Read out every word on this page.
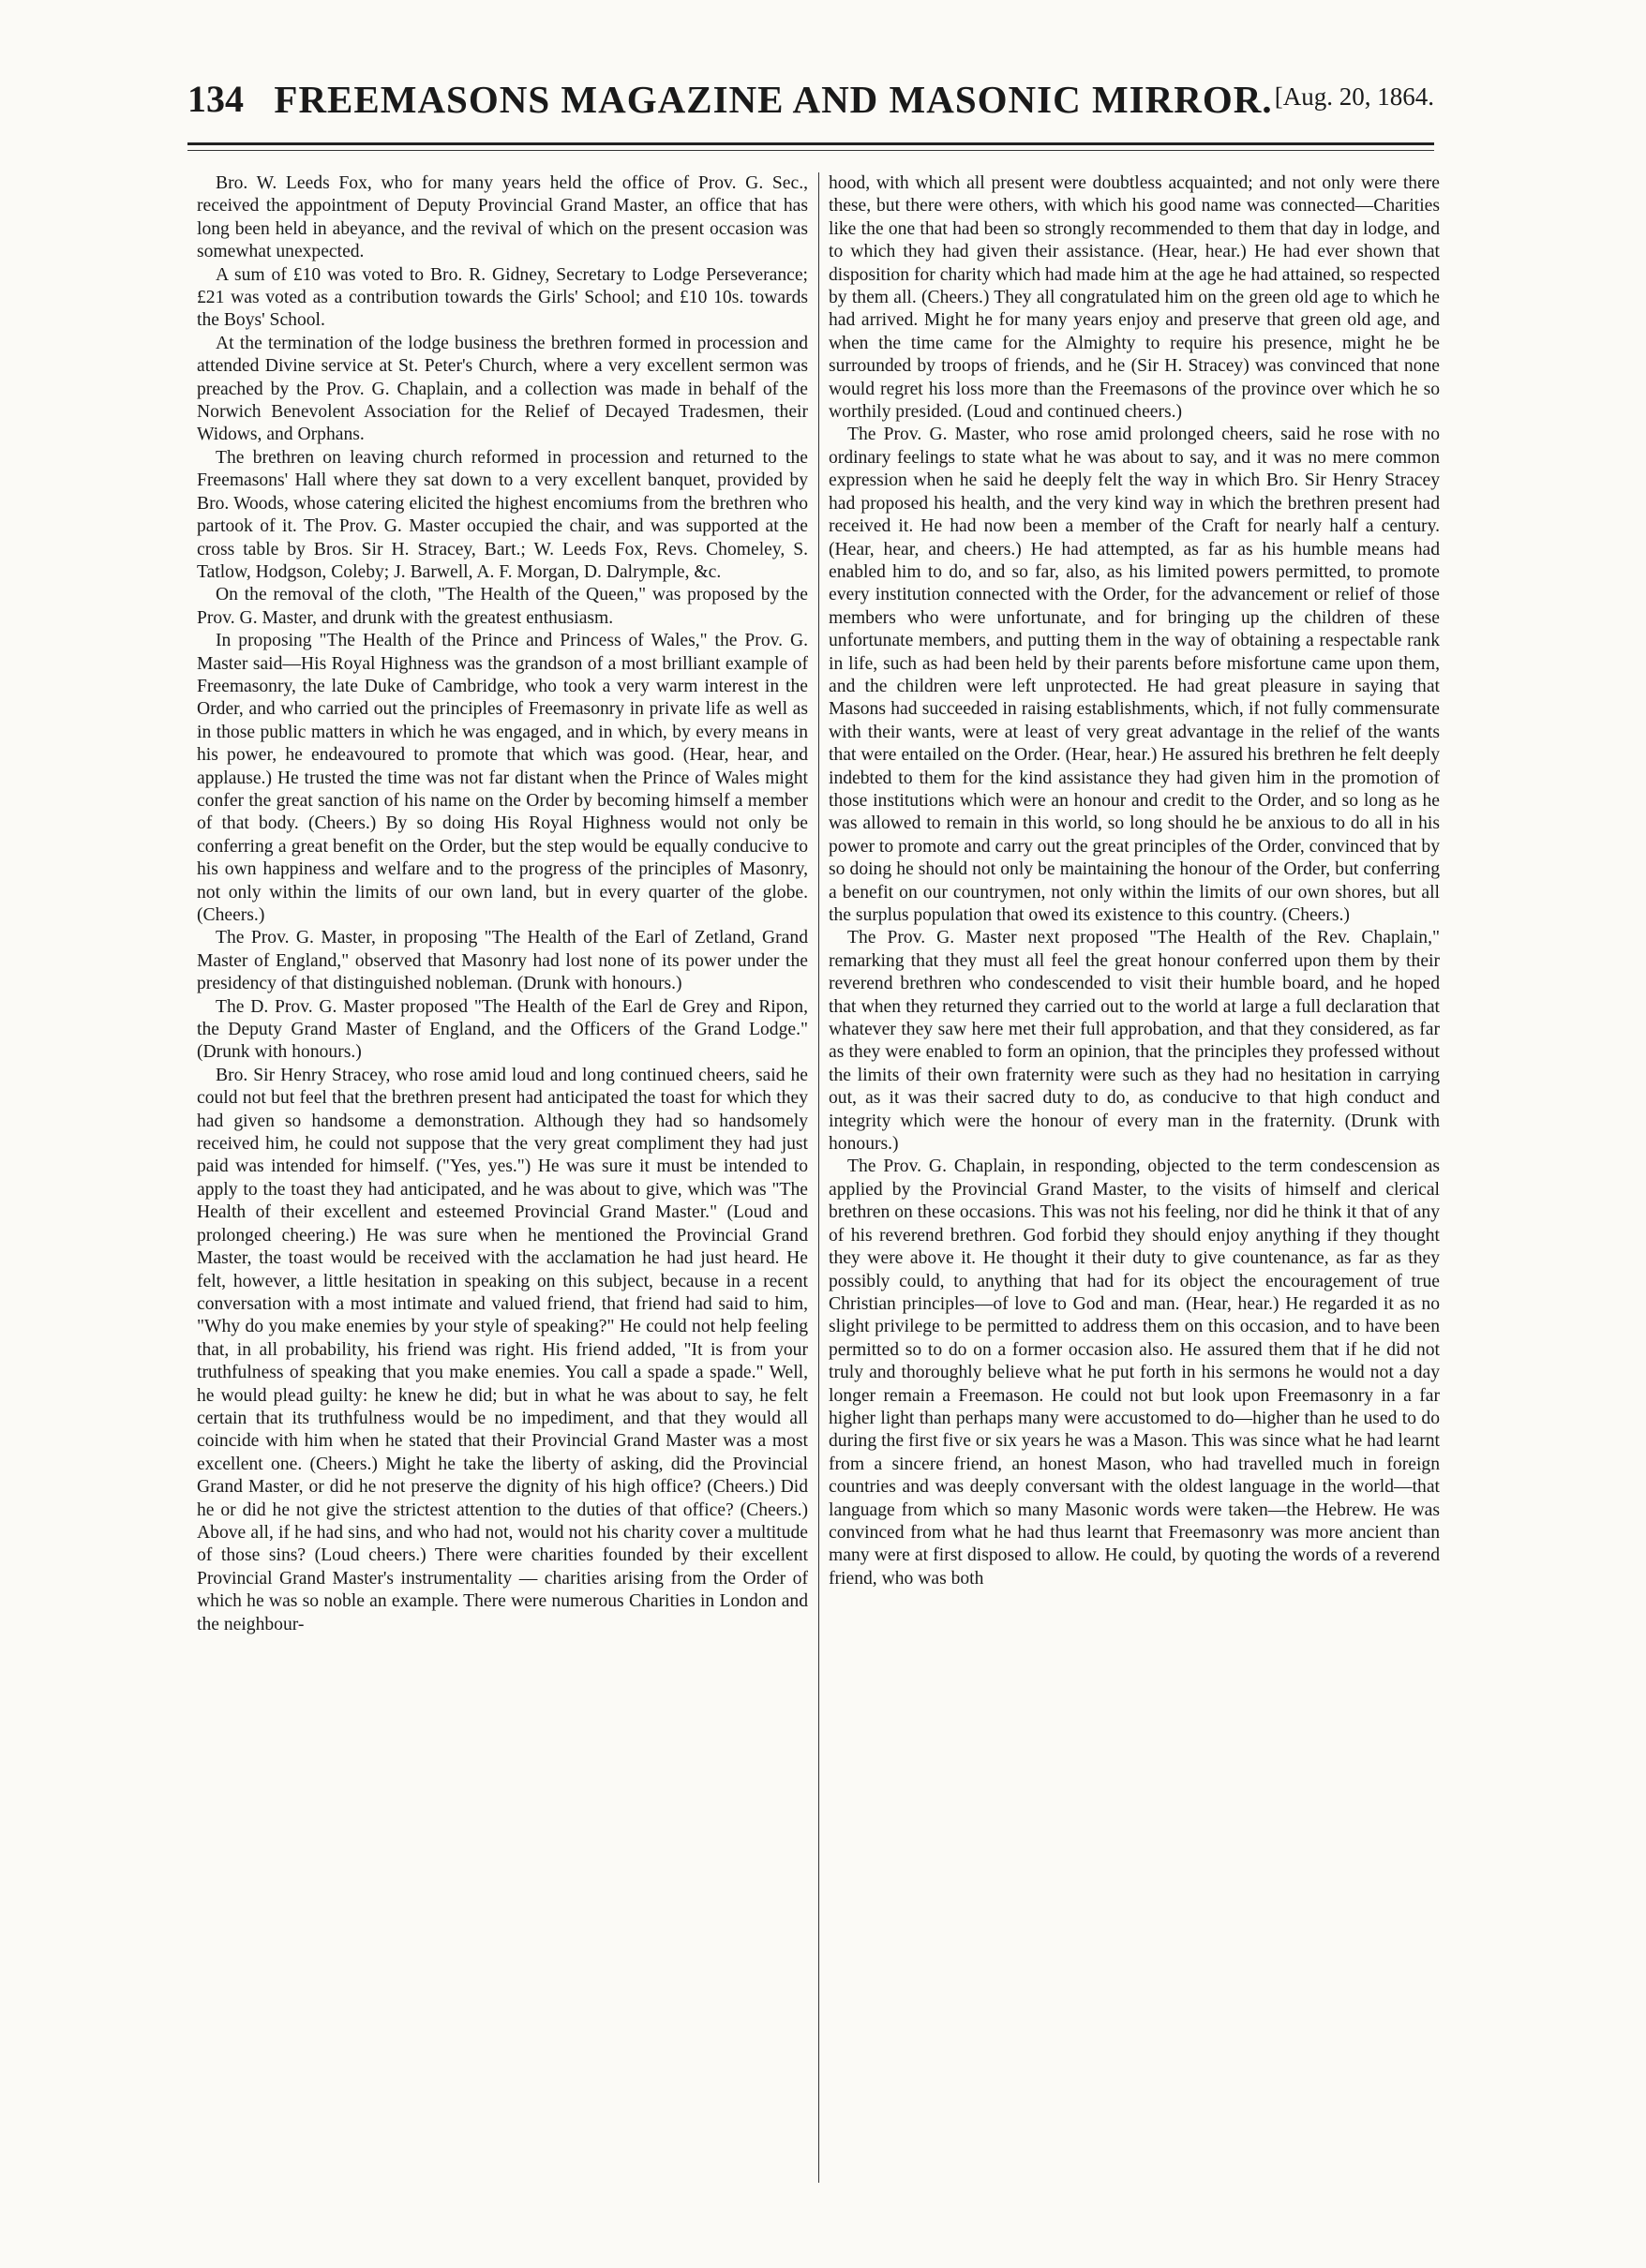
134 FREEMASONS MAGAZINE AND MASONIC MIRROR. [Aug. 20, 1864.

Bro. W. Leeds Fox, who for many years held the office of Prov. G. Sec., received the appointment of Deputy Provincial Grand Master, an office that has long been held in abeyance, and the revival of which on the present occasion was somewhat unexpected.

A sum of £10 was voted to Bro. R. Gidney, Secretary to Lodge Perseverance; £21 was voted as a contribution towards the Girls' School; and £10 10s. towards the Boys' School.

At the termination of the lodge business the brethren formed in procession and attended Divine service at St. Peter's Church, where a very excellent sermon was preached by the Prov. G. Chaplain, and a collection was made in behalf of the Norwich Benevolent Association for the Relief of Decayed Tradesmen, their Widows, and Orphans.

The brethren on leaving church reformed in procession and returned to the Freemasons' Hall where they sat down to a very excellent banquet, provided by Bro. Woods, whose catering elicited the highest encomiums from the brethren who partook of it. The Prov. G. Master occupied the chair, and was supported at the cross table by Bros. Sir H. Stracey, Bart.; W. Leeds Fox, Revs. Chomeley, S. Tatlow, Hodgson, Coleby; J. Barwell, A. F. Morgan, D. Dalrymple, &c.

On the removal of the cloth, "The Health of the Queen," was proposed by the Prov. G. Master, and drunk with the greatest enthusiasm.

In proposing "The Health of the Prince and Princess of Wales," the Prov. G. Master said—His Royal Highness was the grandson of a most brilliant example of Freemasonry, the late Duke of Cambridge, who took a very warm interest in the Order, and who carried out the principles of Freemasonry in private life as well as in those public matters in which he was engaged, and in which, by every means in his power, he endeavoured to promote that which was good. (Hear, hear, and applause.) He trusted the time was not far distant when the Prince of Wales might confer the great sanction of his name on the Order by becoming himself a member of that body. (Cheers.) By so doing His Royal Highness would not only be conferring a great benefit on the Order, but the step would be equally conducive to his own happiness and welfare and to the progress of the principles of Masonry, not only within the limits of our own land, but in every quarter of the globe. (Cheers.)

The Prov. G. Master, in proposing "The Health of the Earl of Zetland, Grand Master of England," observed that Masonry had lost none of its power under the presidency of that distinguished nobleman. (Drunk with honours.)

The D. Prov. G. Master proposed "The Health of the Earl de Grey and Ripon, the Deputy Grand Master of England, and the Officers of the Grand Lodge." (Drunk with honours.)

Bro. Sir Henry Stracey, who rose amid loud and long continued cheers, said he could not but feel that the brethren present had anticipated the toast for which they had given so handsome a demonstration. Although they had so handsomely received him, he could not suppose that the very great compliment they had just paid was intended for himself. ("Yes, yes.") He was sure it must be intended to apply to the toast they had anticipated, and he was about to give, which was "The Health of their excellent and esteemed Provincial Grand Master." (Loud and prolonged cheering.) He was sure when he mentioned the Provincial Grand Master, the toast would be received with the acclamation he had just heard. He felt, however, a little hesitation in speaking on this subject, because in a recent conversation with a most intimate and valued friend, that friend had said to him, "Why do you make enemies by your style of speaking?" He could not help feeling that, in all probability, his friend was right. His friend added, "It is from your truthfulness of speaking that you make enemies. You call a spade a spade." Well, he would plead guilty: he knew he did; but in what he was about to say, he felt certain that its truthfulness would be no impediment, and that they would all coincide with him when he stated that their Provincial Grand Master was a most excellent one. (Cheers.) Might he take the liberty of asking, did the Provincial Grand Master, or did he not preserve the dignity of his high office? (Cheers.) Did he or did he not give the strictest attention to the duties of that office? (Cheers.) Above all, if he had sins, and who had not, would not his charity cover a multitude of those sins? (Loud cheers.) There were charities founded by their excellent Provincial Grand Master's instrumentality — charities arising from the Order of which he was so noble an example. There were numerous Charities in London and the neighbour-

hood, with which all present were doubtless acquainted; and not only were there these, but there were others, with which his good name was connected—Charities like the one that had been so strongly recommended to them that day in lodge, and to which they had given their assistance. (Hear, hear.) He had ever shown that disposition for charity which had made him at the age he had attained, so respected by them all. (Cheers.) They all congratulated him on the green old age to which he had arrived. Might he for many years enjoy and preserve that green old age, and when the time came for the Almighty to require his presence, might he be surrounded by troops of friends, and he (Sir H. Stracey) was convinced that none would regret his loss more than the Freemasons of the province over which he so worthily presided. (Loud and continued cheers.)

The Prov. G. Master, who rose amid prolonged cheers, said he rose with no ordinary feelings to state what he was about to say, and it was no mere common expression when he said he deeply felt the way in which Bro. Sir Henry Stracey had proposed his health, and the very kind way in which the brethren present had received it. He had now been a member of the Craft for nearly half a century. (Hear, hear, and cheers.) He had attempted, as far as his humble means had enabled him to do, and so far, also, as his limited powers permitted, to promote every institution connected with the Order, for the advancement or relief of those members who were unfortunate, and for bringing up the children of these unfortunate members, and putting them in the way of obtaining a respectable rank in life, such as had been held by their parents before misfortune came upon them, and the children were left unprotected. He had great pleasure in saying that Masons had succeeded in raising establishments, which, if not fully commensurate with their wants, were at least of very great advantage in the relief of the wants that were entailed on the Order. (Hear, hear.) He assured his brethren he felt deeply indebted to them for the kind assistance they had given him in the promotion of those institutions which were an honour and credit to the Order, and so long as he was allowed to remain in this world, so long should he be anxious to do all in his power to promote and carry out the great principles of the Order, convinced that by so doing he should not only be maintaining the honour of the Order, but conferring a benefit on our countrymen, not only within the limits of our own shores, but all the surplus population that owed its existence to this country. (Cheers.)

The Prov. G. Master next proposed "The Health of the Rev. Chaplain," remarking that they must all feel the great honour conferred upon them by their reverend brethren who condescended to visit their humble board, and he hoped that when they returned they carried out to the world at large a full declaration that whatever they saw here met their full approbation, and that they considered, as far as they were enabled to form an opinion, that the principles they professed without the limits of their own fraternity were such as they had no hesitation in carrying out, as it was their sacred duty to do, as conducive to that high conduct and integrity which were the honour of every man in the fraternity. (Drunk with honours.)

The Prov. G. Chaplain, in responding, objected to the term condescension as applied by the Provincial Grand Master, to the visits of himself and clerical brethren on these occasions. This was not his feeling, nor did he think it that of any of his reverend brethren. God forbid they should enjoy anything if they thought they were above it. He thought it their duty to give countenance, as far as they possibly could, to anything that had for its object the encouragement of true Christian principles—of love to God and man. (Hear, hear.) He regarded it as no slight privilege to be permitted to address them on this occasion, and to have been permitted so to do on a former occasion also. He assured them that if he did not truly and thoroughly believe what he put forth in his sermons he would not a day longer remain a Freemason. He could not but look upon Freemasonry in a far higher light than perhaps many were accustomed to do—higher than he used to do during the first five or six years he was a Mason. This was since what he had learnt from a sincere friend, an honest Mason, who had travelled much in foreign countries and was deeply conversant with the oldest language in the world—that language from which so many Masonic words were taken—the Hebrew. He was convinced from what he had thus learnt that Freemasonry was more ancient than many were at first disposed to allow. He could, by quoting the words of a reverend friend, who was both
